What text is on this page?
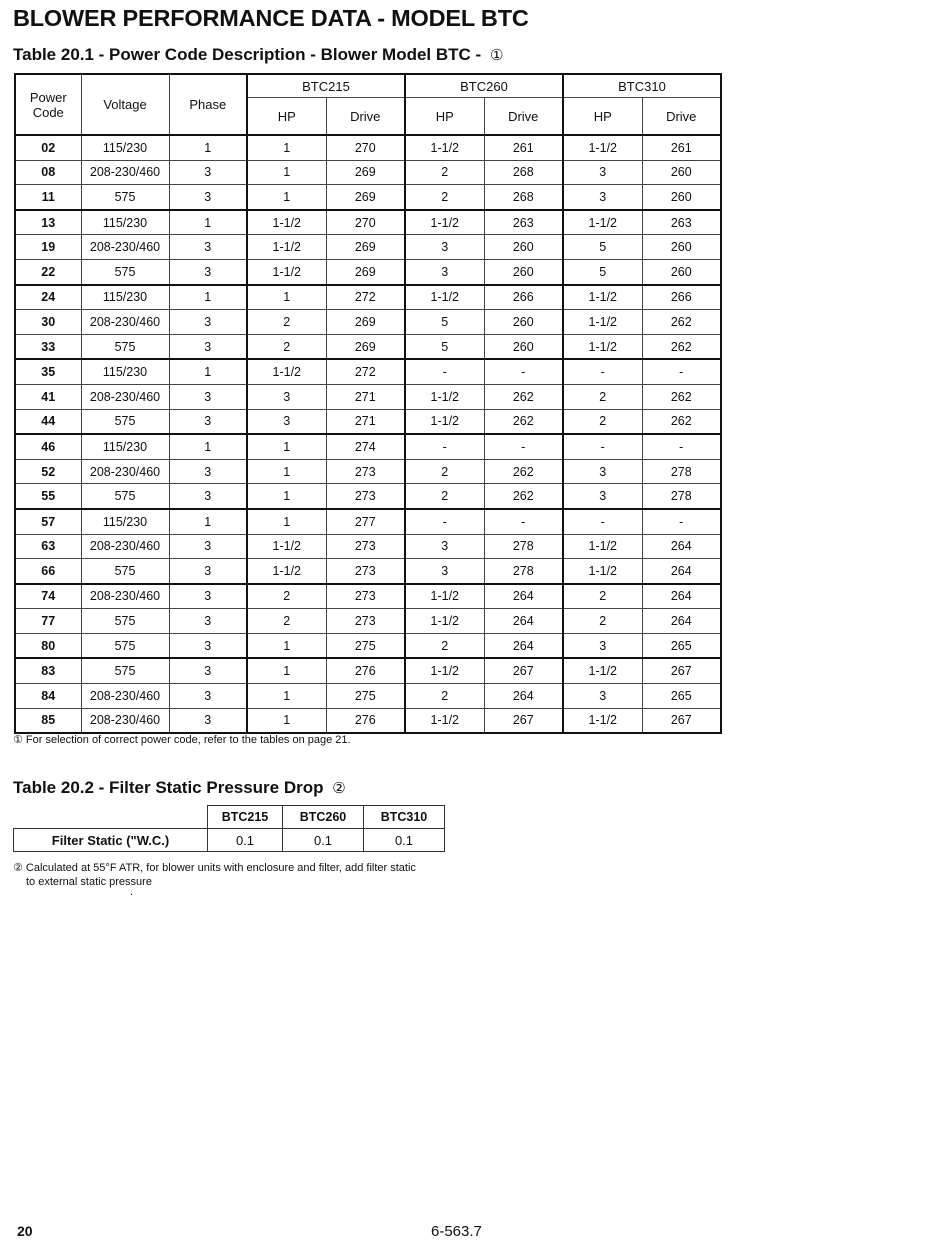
BLOWER PERFORMANCE DATA - MODEL BTC
Table 20.1 - Power Code Description - Blower Model BTC - ①
Power Code	Voltage	Phase	BTC215		BTC260		BTC310	
			HP	Drive	HP	Drive	HP	Drive
02	115/230	1	1	270	1-1/2	261	1-1/2	261
08	208-230/460	3	1	269	2	268	3	260
11	575	3	1	269	2	268	3	260
13	115/230	1	1-1/2	270	1-1/2	263	1-1/2	263
19	208-230/460	3	1-1/2	269	3	260	5	260
22	575	3	1-1/2	269	3	260	5	260
24	115/230	1	1	272	1-1/2	266	1-1/2	266
30	208-230/460	3	2	269	5	260	1-1/2	262
33	575	3	2	269	5	260	1-1/2	262
35	115/230	1	1-1/2	272	-	-	-	-
41	208-230/460	3	3	271	1-1/2	262	2	262
44	575	3	3	271	1-1/2	262	2	262
46	115/230	1	1	274	-	-	-	-
52	208-230/460	3	1	273	2	262	3	278
55	575	3	1	273	2	262	3	278
57	115/230	1	1	277	-	-	-	-
63	208-230/460	3	1-1/2	273	3	278	1-1/2	264
66	575	3	1-1/2	273	3	278	1-1/2	264
74	208-230/460	3	2	273	1-1/2	264	2	264
77	575	3	2	273	1-1/2	264	2	264
80	575	3	1	275	2	264	3	265
83	575	3	1	276	1-1/2	267	1-1/2	267
84	208-230/460	3	1	275	2	264	3	265
85	208-230/460	3	1	276	1-1/2	267	1-1/2	267
① For selection of correct power code, refer to the tables on page 21.
Table 20.2 - Filter Static Pressure Drop ②
	BTC215	BTC260	BTC310
Filter Static ("W.C.)	0.1	0.1	0.1
② Calculated at 55°F ATR, for blower units with enclosure and filter, add filter static
to external static pressure
.
20	6-563.7
